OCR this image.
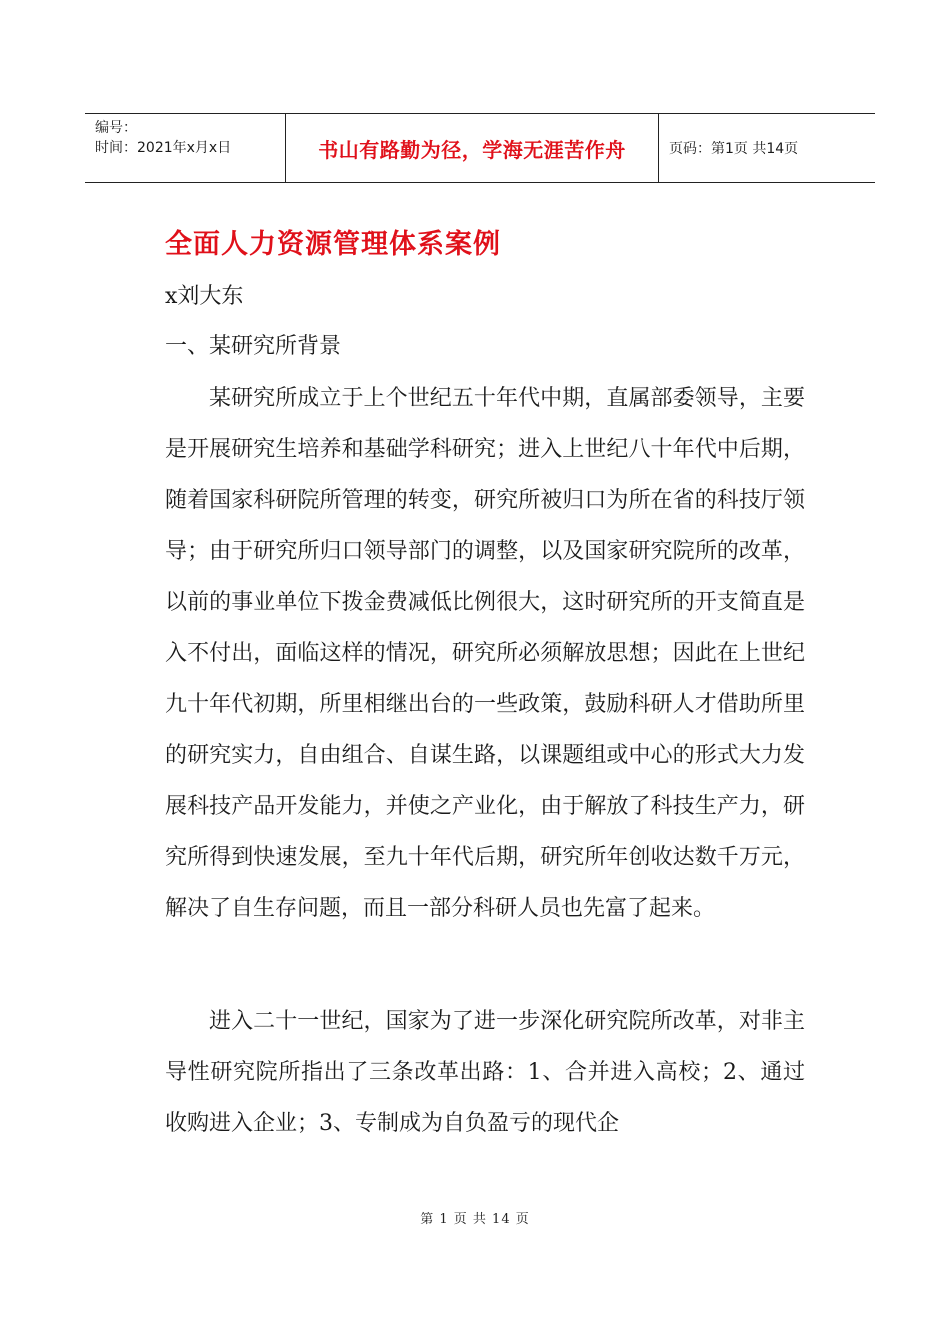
编号：
时间：2021年x月x日	书山有路勤为径，学海无涯苦作舟	页码：第1页 共14页
全面人力资源管理体系案例

x刘大东

一、某研究所背景

某研究所成立于上个世纪五十年代中期，直属部委领导，主要是开展研究生培养和基础学科研究；进入上世纪八十年代中后期，随着国家科研院所管理的转变，研究所被归口为所在省的科技厅领导；由于研究所归口领导部门的调整，以及国家研究院所的改革，以前的事业单位下拨金费减低比例很大，这时研究所的开支简直是入不付出，面临这样的情况，研究所必须解放思想；因此在上世纪九十年代初期，所里相继出台的一些政策，鼓励科研人才借助所里的研究实力，自由组合、自谋生路，以课题组或中心的形式大力发展科技产品开发能力，并使之产业化，由于解放了科技生产力，研究所得到快速发展，至九十年代后期，研究所年创收达数千万元，解决了自生存问题，而且一部分科研人员也先富了起来。

进入二十一世纪，国家为了进一步深化研究院所改革，对非主导性研究院所指出了三条改革出路：1、合并进入高校；2、通过收购进入企业；3、专制成为自负盈亏的现代企

第 1 页 共 14 页
